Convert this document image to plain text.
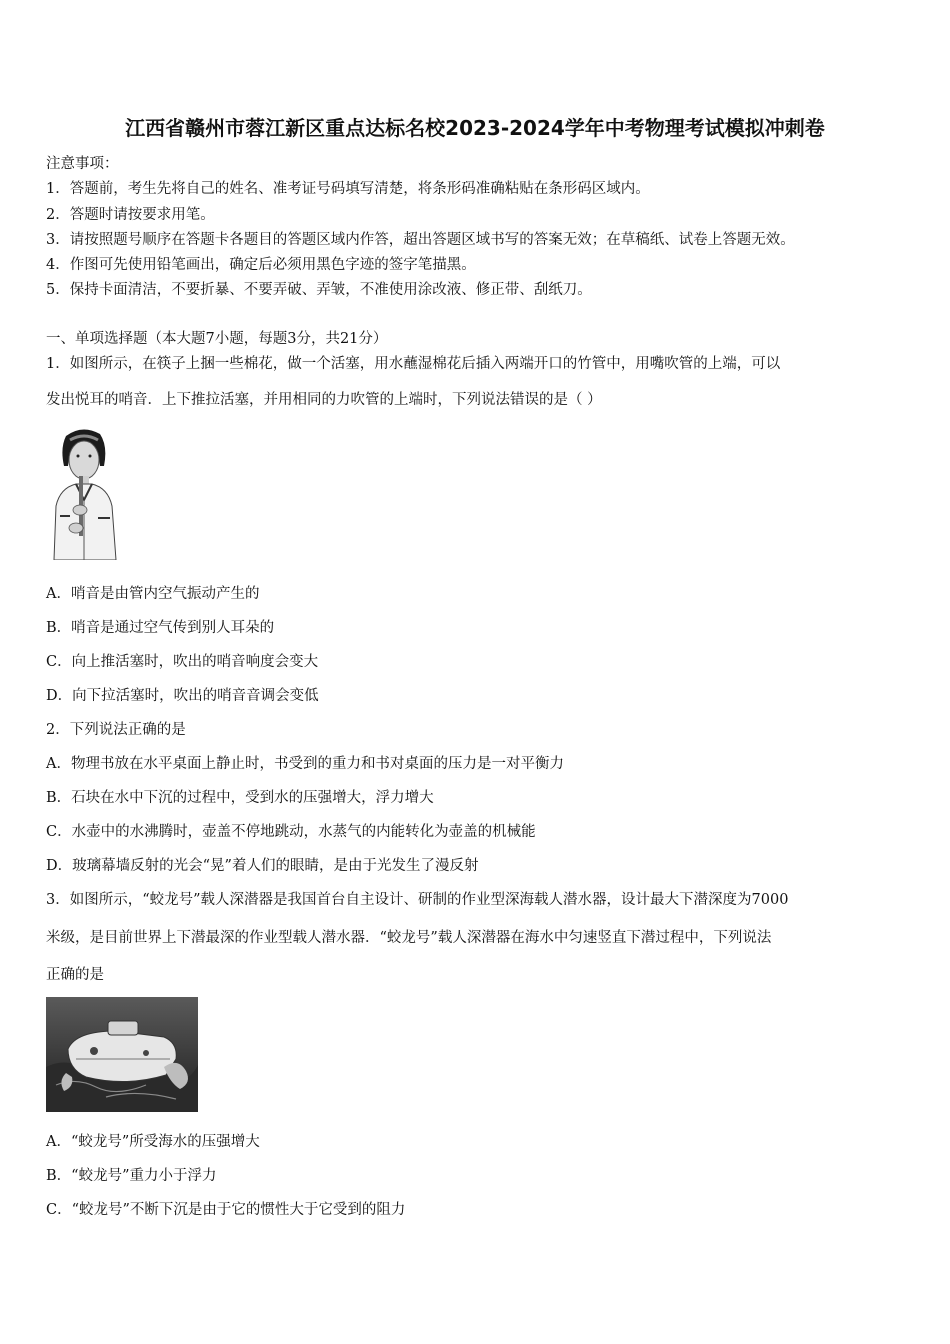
江西省赣州市蓉江新区重点达标名校2023-2024学年中考物理考试模拟冲刺卷
注意事项：
1．答题前，考生先将自己的姓名、准考证号码填写清楚，将条形码准确粘贴在条形码区域内。
2．答题时请按要求用笔。
3．请按照题号顺序在答题卡各题目的答题区域内作答，超出答题区域书写的答案无效；在草稿纸、试卷上答题无效。
4．作图可先使用铅笔画出，确定后必须用黑色字迹的签字笔描黑。
5．保持卡面清洁，不要折暴、不要弄破、弄皱，不准使用涂改液、修正带、刮纸刀。
一、单项选择题（本大题7小题，每题3分，共21分）
1．如图所示，在筷子上捆一些棉花，做一个活塞，用水蘸湿棉花后插入两端开口的竹管中，用嘴吹管的上端，可以
发出悦耳的哨音．上下推拉活塞，并用相同的力吹管的上端时，下列说法错误的是（ ）
A．哨音是由管内空气振动产生的
B．哨音是通过空气传到别人耳朵的
C．向上推活塞时，吹出的哨音响度会变大
D．向下拉活塞时，吹出的哨音音调会变低
2．下列说法正确的是
A．物理书放在水平桌面上静止时，书受到的重力和书对桌面的压力是一对平衡力
B．石块在水中下沉的过程中，受到水的压强增大，浮力增大
C．水壶中的水沸腾时，壶盖不停地跳动，水蒸气的内能转化为壶盖的机械能
D．玻璃幕墙反射的光会“晃”着人们的眼睛，是由于光发生了漫反射
3．如图所示，“蛟龙号”载人深潜器是我国首台自主设计、研制的作业型深海载人潜水器，设计最大下潜深度为7000
米级，是目前世界上下潜最深的作业型载人潜水器．“蛟龙号”载人深潜器在海水中匀速竖直下潜过程中，下列说法
正确的是
A．“蛟龙号”所受海水的压强增大
B．“蛟龙号”重力小于浮力
C．“蛟龙号”不断下沉是由于它的惯性大于它受到的阻力
